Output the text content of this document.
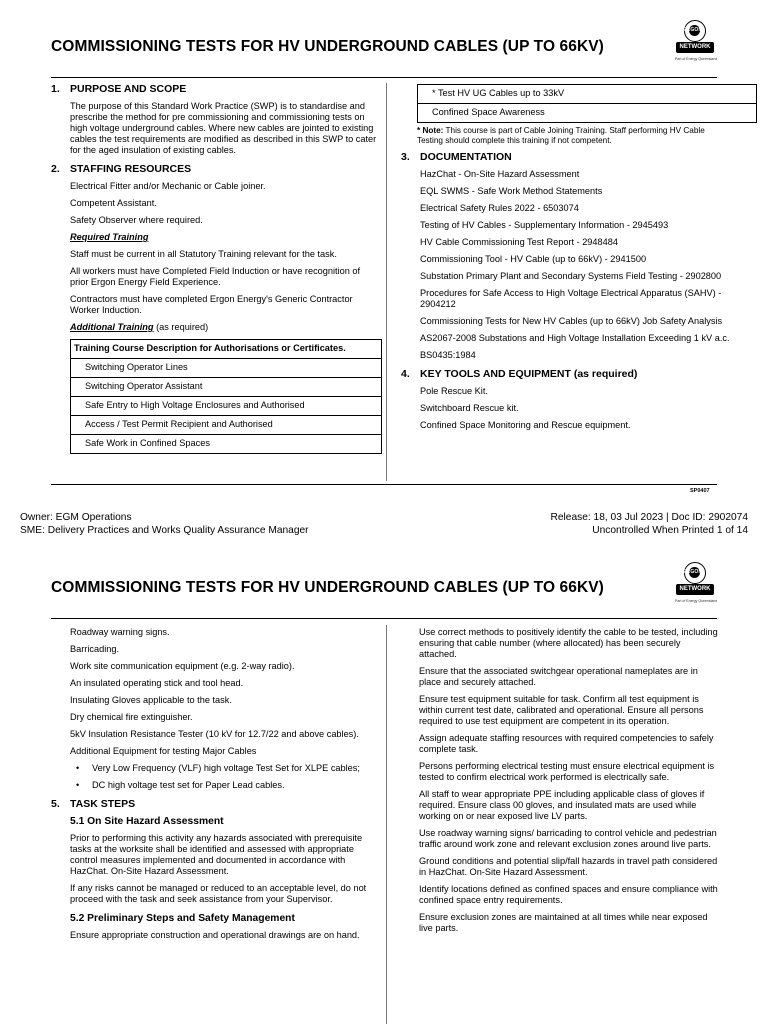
COMMISSIONING TESTS FOR HV UNDERGROUND CABLES (UP TO 66KV)
ERGON
NETWORK
Part of Energy Queensland
1. PURPOSE AND SCOPE

The purpose of this Standard Work Practice (SWP) is to standardise and prescribe the method for pre commissioning and commissioning tests on high voltage underground cables. Where new cables are jointed to existing cables the test requirements are modified as described in this SWP to cater for the aged insulation of existing cables.

2. STAFFING RESOURCES

Electrical Fitter and/or Mechanic or Cable joiner.

Competent Assistant.

Safety Observer where required.

Required Training

Staff must be current in all Statutory Training relevant for the task.

All workers must have Completed Field Induction or have recognition of prior Ergon Energy Field Experience.

Contractors must have completed Ergon Energy's Generic Contractor Worker Induction.

Additional Training (as required)

Training Course Description for Authorisations or Certificates.
Switching Operator Lines
Switching Operator Assistant
Safe Entry to High Voltage Enclosures and Authorised
Access / Test Permit Recipient and Authorised
Safe Work in Confined Spaces
* Test HV UG Cables up to 33kV
Confined Space Awareness

* Note: This course is part of Cable Joining Training. Staff performing HV Cable Testing should complete this training if not competent.

3. DOCUMENTATION

HazChat - On-Site Hazard Assessment

EQL SWMS - Safe Work Method Statements

Electrical Safety Rules 2022 - 6503074

Testing of HV Cables - Supplementary Information - 2945493

HV Cable Commissioning Test Report - 2948484

Commissioning Tool - HV Cable (up to 66kV) - 2941500

Substation Primary Plant and Secondary Systems Field Testing - 2902800

Procedures for Safe Access to High Voltage Electrical Apparatus (SAHV) - 2904212

Commissioning Tests for New HV Cables (up to 66kV) Job Safety Analysis

AS2067-2008 Substations and High Voltage Installation Exceeding 1 kV a.c.

BS0435:1984

4. KEY TOOLS AND EQUIPMENT (as required)

Pole Rescue Kit.

Switchboard Rescue kit.

Confined Space Monitoring and Rescue equipment.

SP0407
Owner: EGM Operations
SME: Delivery Practices and Works Quality Assurance Manager
Release: 18, 03 Jul 2023 | Doc ID: 2902074
Uncontrolled When Printed 1 of 14
COMMISSIONING TESTS FOR HV UNDERGROUND CABLES (UP TO 66KV)
ERGON
NETWORK
Part of Energy Queensland

Roadway warning signs.

Barricading.

Work site communication equipment (e.g. 2-way radio).

An insulated operating stick and tool head.

Insulating Gloves applicable to the task.

Dry chemical fire extinguisher.

5kV Insulation Resistance Tester (10 kV for 12.7/22 and above cables).

Additional Equipment for testing Major Cables

• Very Low Frequency (VLF) high voltage Test Set for XLPE cables;
• DC high voltage test set for Paper Lead cables.
5. TASK STEPS
5.1 On Site Hazard Assessment

Prior to performing this activity any hazards associated with prerequisite tasks at the worksite shall be identified and assessed with appropriate control measures implemented and documented in accordance with HazChat. On-Site Hazard Assessment.

If any risks cannot be managed or reduced to an acceptable level, do not proceed with the task and seek assistance from your Supervisor.

5.2 Preliminary Steps and Safety Management

Ensure appropriate construction and operational drawings are on hand.

Use correct methods to positively identify the cable to be tested, including ensuring that cable number (where allocated) has been securely attached.

Ensure that the associated switchgear operational nameplates are in place and securely attached.

Ensure test equipment suitable for task. Confirm all test equipment is within current test date, calibrated and operational. Ensure all persons required to use test equipment are competent in its operation.

Assign adequate staffing resources with required competencies to safely complete task.

Persons performing electrical testing must ensure electrical equipment is tested to confirm electrical work performed is electrically safe.

All staff to wear appropriate PPE including applicable class of gloves if required. Ensure class 00 gloves, and insulated mats are used while working on or near exposed live LV parts.

Use roadway warning signs/ barricading to control vehicle and pedestrian traffic around work zone and relevant exclusion zones around live parts.

Ground conditions and potential slip/fall hazards in travel path considered in HazChat. On-Site Hazard Assessment.

Identify locations defined as confined spaces and ensure compliance with confined space entry requirements.

Ensure exclusion zones are maintained at all times while near exposed live parts.
